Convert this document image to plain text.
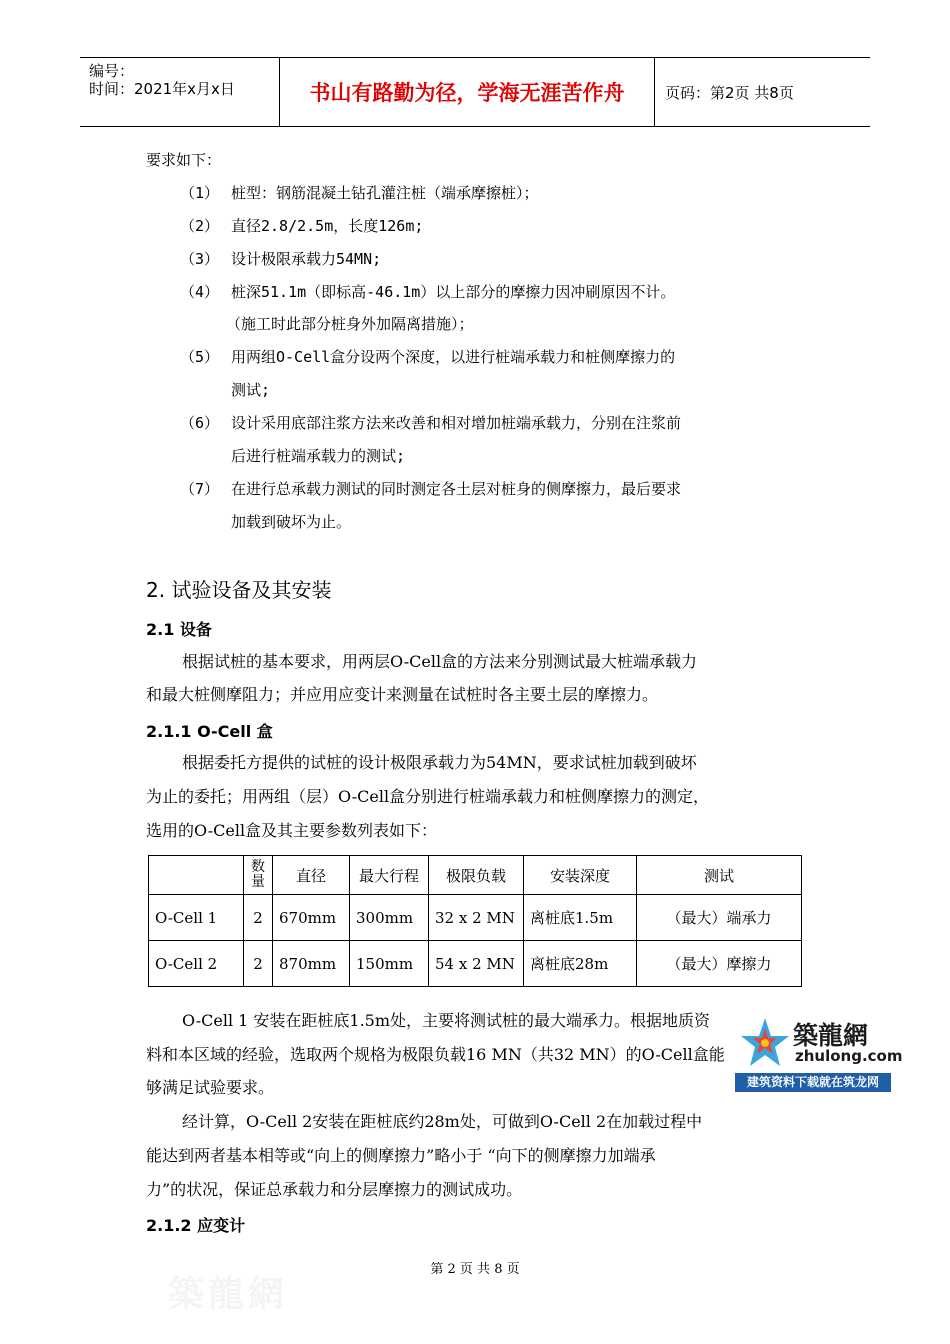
编号：
时间：2021年x月x日	书山有路勤为径，学海无涯苦作舟	页码：第2页 共8页
要求如下：
（1） 桩型：钢筋混凝土钻孔灌注桩（端承摩擦桩）；
（2） 直径2.8/2.5m，长度126m;
（3） 设计极限承载力54MN;
（4） 桩深51.1m（即标高-46.1m）以上部分的摩擦力因冲刷原因不计。
（施工时此部分桩身外加隔离措施）；
（5） 用两组O-Cell盒分设两个深度，以进行桩端承载力和桩侧摩擦力的
测试;
（6） 设计采用底部注浆方法来改善和相对增加桩端承载力，分别在注浆前
后进行桩端承载力的测试;
（7） 在进行总承载力测试的同时测定各土层对桩身的侧摩擦力，最后要求
加载到破坏为止。
2. 试验设备及其安装
2.1 设备
根据试桩的基本要求，用两层O-Cell盒的方法来分别测试最大桩端承载力
和最大桩侧摩阻力；并应用应变计来测量在试桩时各主要土层的摩擦力。
2.1.1 O-Cell 盒
根据委托方提供的试桩的设计极限承载力为54MN，要求试桩加载到破坏
为止的委托；用两组（层）O-Cell盒分别进行桩端承载力和桩侧摩擦力的测定，
选用的O-Cell盒及其主要参数列表如下：
	数量	直径	最大行程	极限负载	安装深度	测试
O-Cell 1	2	670mm	300mm	32 x 2 MN	离桩底1.5m	（最大）端承力
O-Cell 2	2	870mm	150mm	54 x 2 MN	离桩底28m	（最大）摩擦力
O-Cell 1 安装在距桩底1.5m处，主要将测试桩的最大端承力。根据地质资
料和本区域的经验，选取两个规格为极限负载16 MN（共32 MN）的O-Cell盒能
够满足试验要求。
经计算，O-Cell 2安装在距桩底约28m处，可做到O-Cell 2在加载过程中
能达到两者基本相等或“向上的侧摩擦力”略小于 “向下的侧摩擦力加端承
力”的状况，保证总承载力和分层摩擦力的测试成功。
2.1.2 应变计
築龍網
zhulong.com
建筑资料下载就在筑龙网
第 2 页 共 8 页
築龍網
